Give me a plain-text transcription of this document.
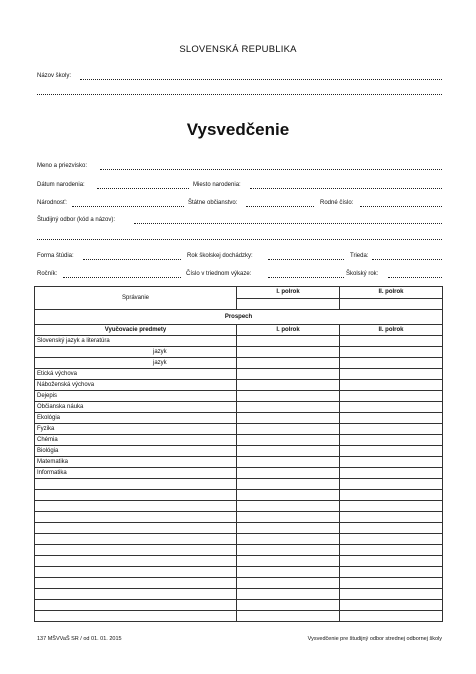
SLOVENSKÁ REPUBLIKA
Názov školy:
Vysvedčenie
Meno a priezvisko:
Dátum narodenia:	Miesto narodenia:
Národnosť:	Štátne občianstvo:	Rodné číslo:
Študijný odbor (kód a názov):
Forma štúdia:	Rok školskej dochádzky:	Trieda:
Ročník:	Číslo v triednom výkaze:	Školský rok:
Správanie	I. polrok	II. polrok

Prospech		
Vyučovacie predmety	I. polrok	II. polrok
Slovenský jazyk a literatúra		
jazyk		
jazyk		
Etická výchova		
Náboženská výchova		
Dejepis		
Občianska náuka		
Ekológia		
Fyzika		
Chémia		
Biológia		
Matematika		
Informatika		

137 MŠVVaŠ SR / od 01. 01. 2015	Vysvedčenie pre študijný odbor strednej odbornej školy
